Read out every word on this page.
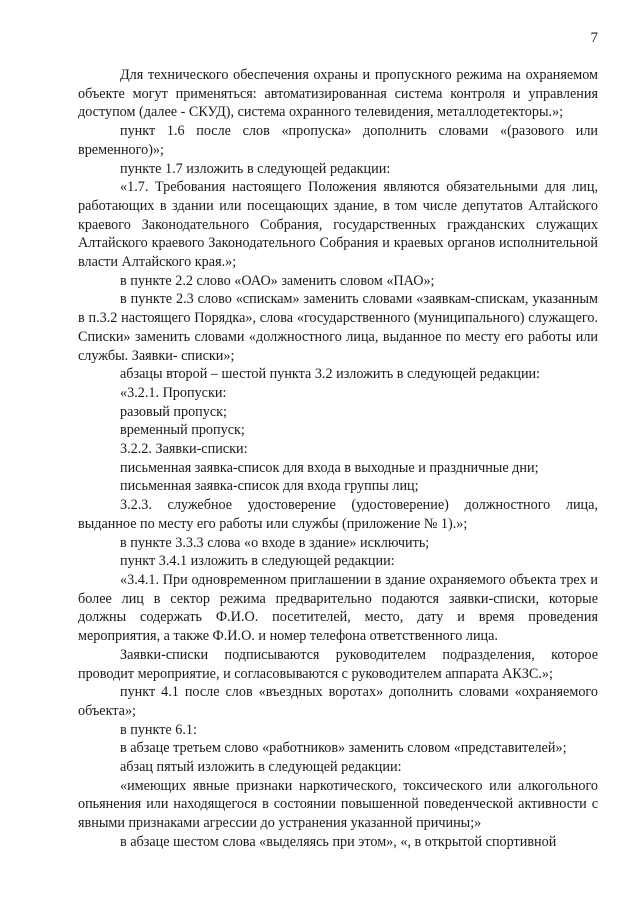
7

Для технического обеспечения охраны и пропускного режима на охраняемом объекте могут применяться: автоматизированная система контроля и управления доступом (далее - СКУД), система охранного телевидения, металлодетекторы.»;

пункт 1.6 после слов «пропуска» дополнить словами «(разового или временного)»;

пункте 1.7 изложить в следующей редакции:

«1.7. Требования настоящего Положения являются обязательными для лиц, работающих в здании или посещающих здание, в том числе депутатов Алтайского краевого Законодательного Собрания, государственных гражданских служащих Алтайского краевого Законодательного Собрания и краевых органов исполнительной власти Алтайского края.»;

в пункте 2.2 слово «ОАО» заменить словом «ПАО»;

в пункте 2.3 слово «спискам» заменить словами «заявкам-спискам, указанным в п.3.2 настоящего Порядка», слова «государственного (муниципального) служащего. Списки» заменить словами «должностного лица, выданное по месту его работы или службы. Заявки- списки»;

абзацы второй – шестой пункта 3.2 изложить в следующей редакции:

«3.2.1. Пропуски:

разовый пропуск;

временный пропуск;

3.2.2. Заявки-списки:

письменная заявка-список для входа в выходные и праздничные дни;

письменная заявка-список для входа группы лиц;

3.2.3. служебное удостоверение (удостоверение) должностного лица, выданное по месту его работы или службы (приложение № 1).»;

в пункте 3.3.3 слова «о входе в здание» исключить;

пункт 3.4.1 изложить в следующей редакции:

«3.4.1. При одновременном приглашении в здание охраняемого объекта трех и более лиц в сектор режима предварительно подаются заявки-списки, которые должны содержать Ф.И.О. посетителей, место, дату и время проведения мероприятия, а также Ф.И.О. и номер телефона ответственного лица.

Заявки-списки подписываются руководителем подразделения, которое проводит мероприятие, и согласовываются с руководителем аппарата АКЗС.»;

пункт 4.1 после слов «въездных воротах» дополнить словами «охраняемого объекта»;

в пункте 6.1:

в абзаце третьем слово «работников» заменить словом «представителей»;

абзац пятый изложить в следующей редакции:

«имеющих явные признаки наркотического, токсического или алкогольного опьянения или находящегося в состоянии повышенной поведенческой активности с явными признаками агрессии до устранения указанной причины;»

в абзаце шестом слова «выделяясь при этом», «, в открытой спортивной
